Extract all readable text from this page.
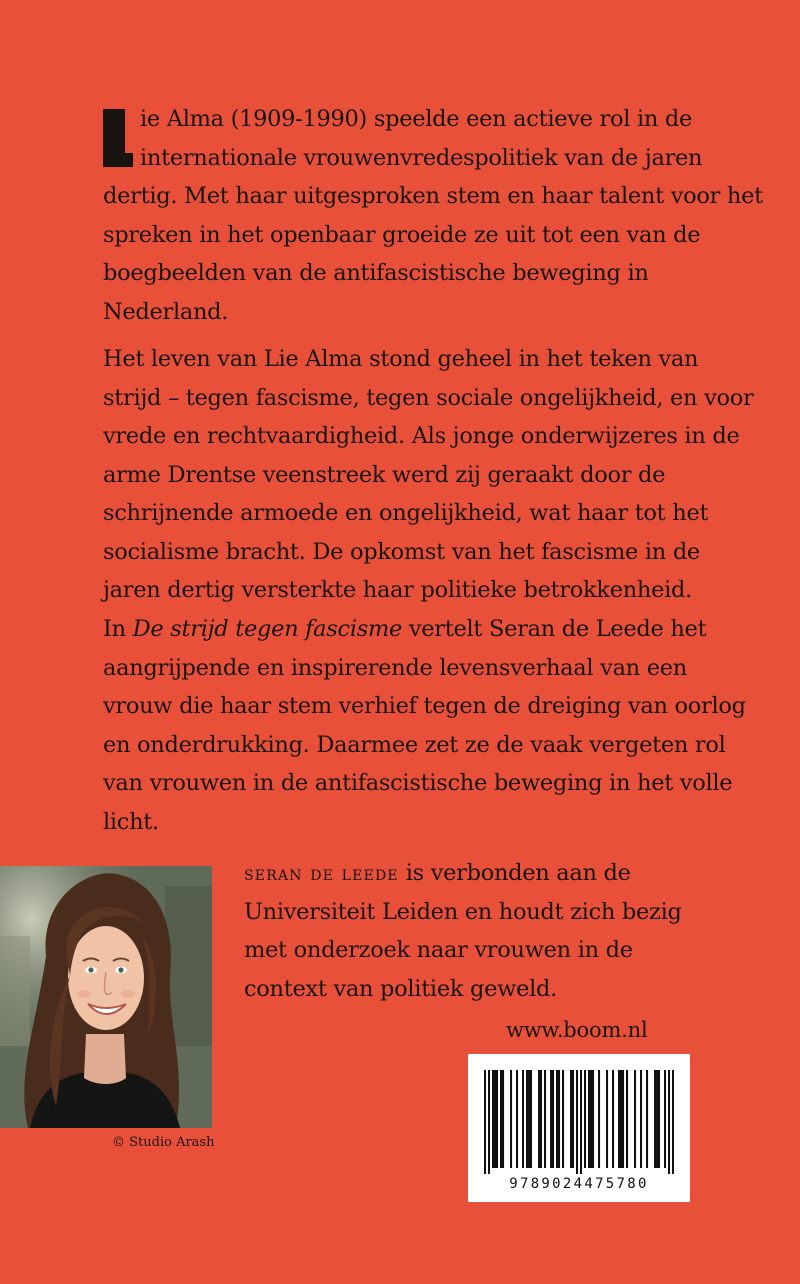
ie Alma (1909-1990) speelde een actieve rol in de internationale vrouwenvredespolitiek van de jaren dertig. Met haar uitgesproken stem en haar talent voor het spreken in het openbaar groeide ze uit tot een van de boegbeelden van de antifascistische beweging in Nederland.
Het leven van Lie Alma stond geheel in het teken van strijd – tegen fascisme, tegen sociale ongelijkheid, en voor vrede en rechtvaardigheid. Als jonge onderwijzeres in de arme Drentse veenstreek werd zij geraakt door de schrijnende armoede en ongelijkheid, wat haar tot het socialisme bracht. De opkomst van het fascisme in de jaren dertig versterkte haar politieke betrokkenheid.
In De strijd tegen fascisme vertelt Seran de Leede het aangrijpende en inspirerende levensverhaal van een vrouw die haar stem verhief tegen de dreiging van oorlog en onderdrukking. Daarmee zet ze de vaak vergeten rol van vrouwen in de antifascistische beweging in het volle licht.
© Studio Arash
seran de leede is verbonden aan de Universiteit Leiden en houdt zich bezig met onderzoek naar vrouwen in de context van politiek geweld.
www.boom.nl
9789024475780
